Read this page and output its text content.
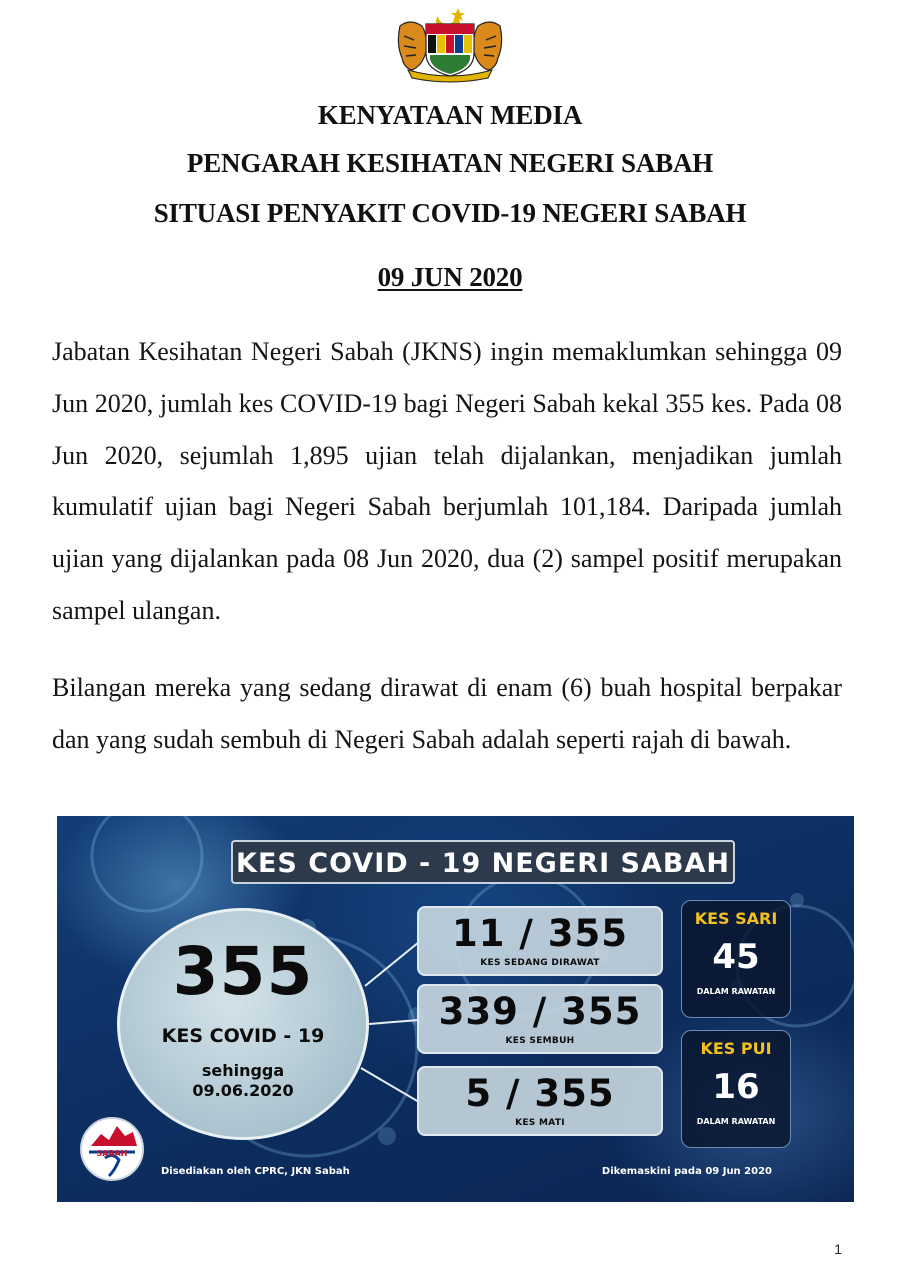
KENYATAAN MEDIA
PENGARAH KESIHATAN NEGERI SABAH
SITUASI PENYAKIT COVID-19 NEGERI SABAH
09 JUN 2020

Jabatan Kesihatan Negeri Sabah (JKNS) ingin memaklumkan sehingga 09 Jun 2020, jumlah kes COVID-19 bagi Negeri Sabah kekal 355 kes. Pada 08 Jun 2020, sejumlah 1,895 ujian telah dijalankan, menjadikan jumlah kumulatif ujian bagi Negeri Sabah berjumlah 101,184. Daripada jumlah ujian yang dijalankan pada 08 Jun 2020, dua (2) sampel positif merupakan sampel ulangan.

Bilangan mereka yang sedang dirawat di enam (6) buah hospital berpakar dan yang sudah sembuh di Negeri Sabah adalah seperti rajah di bawah.

KES COVID - 19 NEGERI SABAH
355
KES COVID - 19
sehingga
09.06.2020
11 / 355
KES SEDANG DIRAWAT
339 / 355
KES SEMBUH
5 / 355
KES MATI
KES SARI
45
DALAM RAWATAN
KES PUI
16
DALAM RAWATAN
SABAH
Disediakan oleh CPRC, JKN Sabah	Dikemaskini pada 09 Jun 2020
1
